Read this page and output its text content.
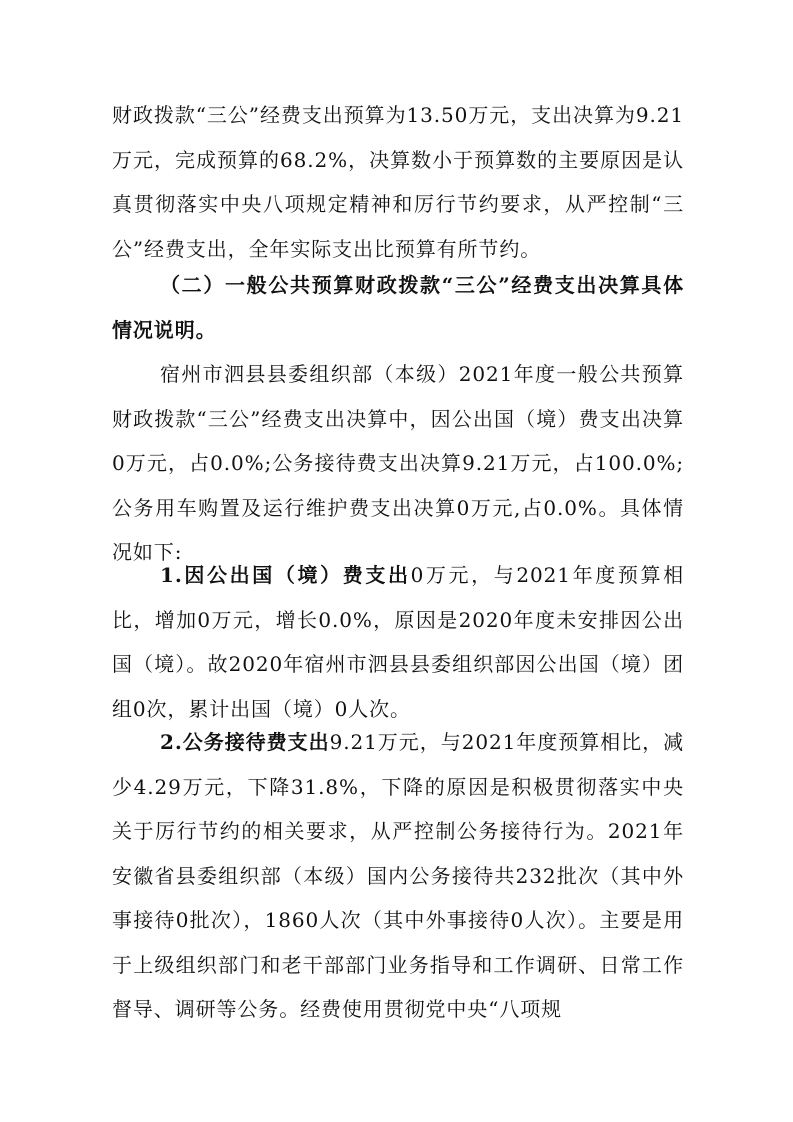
财政拨款“三公”经费支出预算为13.50万元，支出决算为9.21万元，完成预算的68.2%，决算数小于预算数的主要原因是认真贯彻落实中央八项规定精神和厉行节约要求，从严控制“三公”经费支出，全年实际支出比预算有所节约。

（二）一般公共预算财政拨款“三公”经费支出决算具体情况说明。

宿州市泗县县委组织部（本级）2021年度一般公共预算财政拨款“三公”经费支出决算中，因公出国（境）费支出决算0万元，占0.0%;公务接待费支出决算9.21万元，占100.0%;公务用车购置及运行维护费支出决算0万元,占0.0%。具体情况如下:

1.因公出国（境）费支出0万元，与2021年度预算相比，增加0万元，增长0.0%，原因是2020年度未安排因公出国（境）。故2020年宿州市泗县县委组织部因公出国（境）团组0次，累计出国（境）0人次。

2.公务接待费支出9.21万元，与2021年度预算相比，减少4.29万元，下降31.8%，下降的原因是积极贯彻落实中央关于厉行节约的相关要求，从严控制公务接待行为。2021年安徽省县委组织部（本级）国内公务接待共232批次（其中外事接待0批次），1860人次（其中外事接待0人次）。主要是用于上级组织部门和老干部部门业务指导和工作调研、日常工作督导、调研等公务。经费使用贯彻党中央“八项规
